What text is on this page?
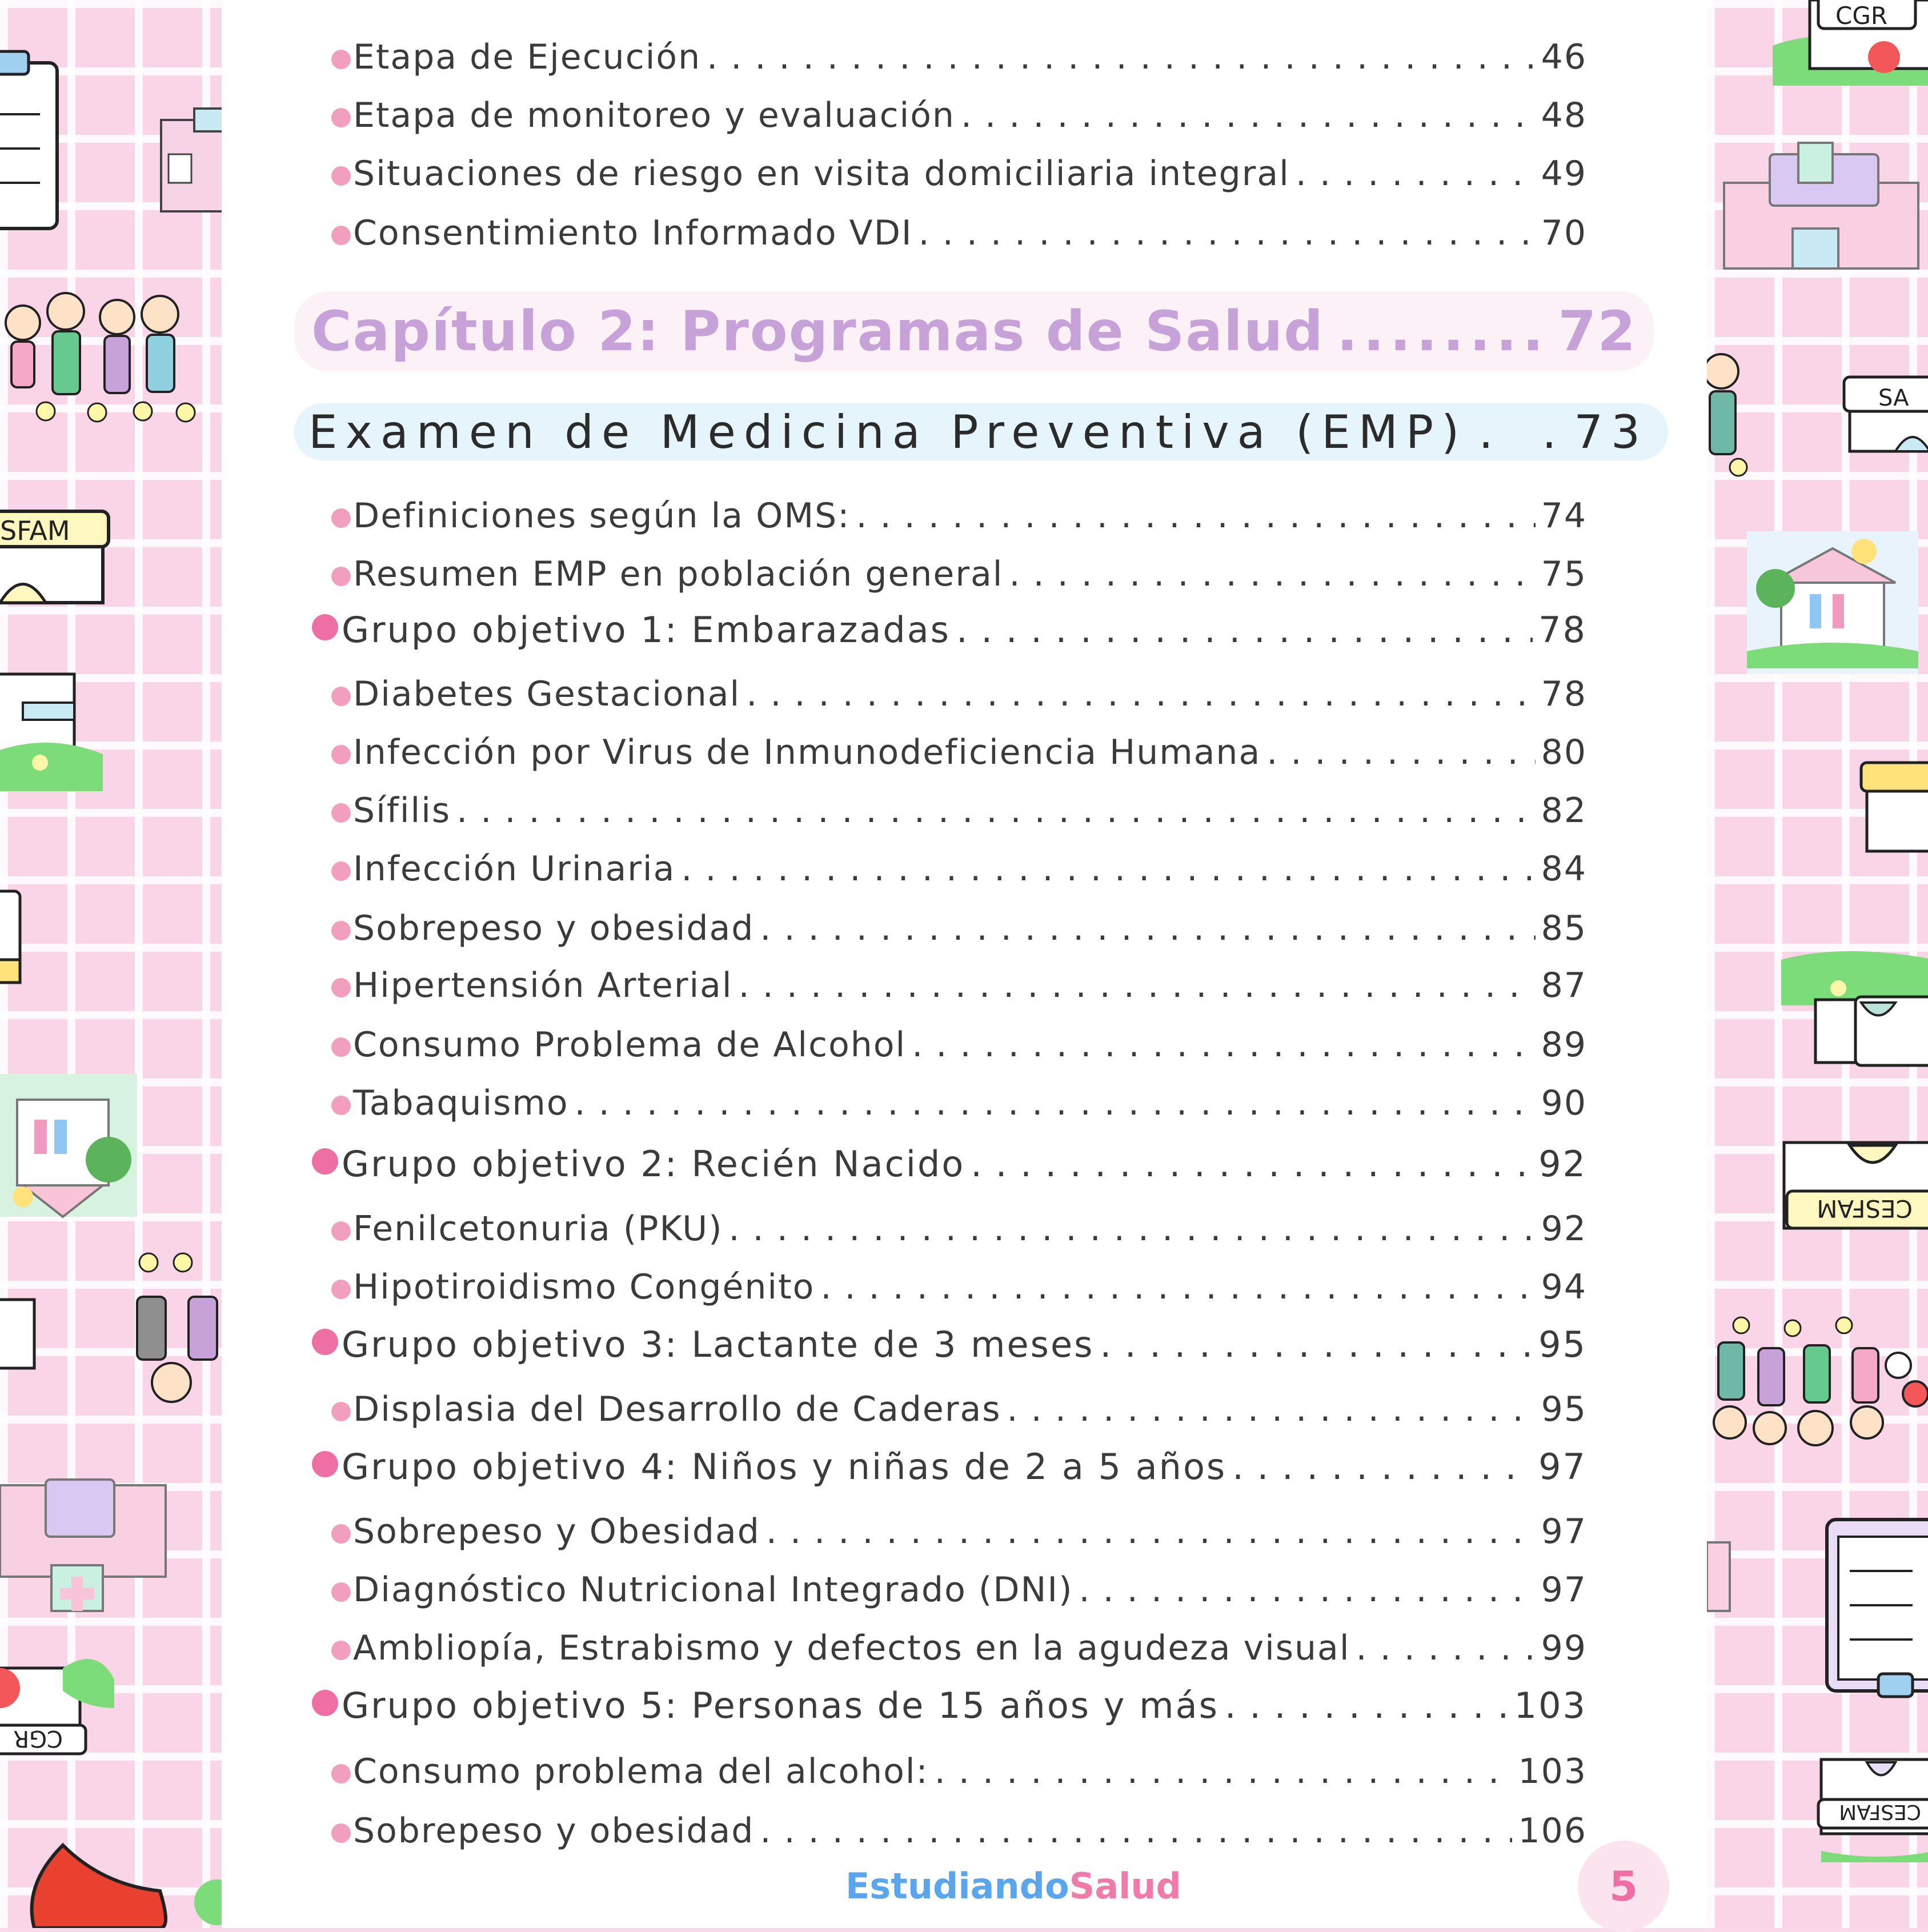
SFAM
CGR
CGR
SA
CESFAM
CESFAM
Etapa de Ejecución . . .	46
Etapa de monitoreo y evaluación . . .	48
Situaciones de riesgo en visita domiciliaria integral . . .	49
Consentimiento Informado VDI . . .	70
Definiciones según la OMS: . . .	74
Resumen EMP en población general . . .	75
Grupo objetivo 1: Embarazadas . . .	78
Diabetes Gestacional . . .	78
Infección por Virus de Inmunodeficiencia Humana . . .	80
Sífilis . . .	82
Infección Urinaria . . .	84
Sobrepeso y obesidad . . .	85
Hipertensión Arterial . . .	87
Consumo Problema de Alcohol . . .	89
Tabaquismo . . .	90
Grupo objetivo 2: Recién Nacido . . .	92
Fenilcetonuria (PKU) . . .	92
Hipotiroidismo Congénito . . .	94
Grupo objetivo 3: Lactante de 3 meses . . .	95
Displasia del Desarrollo de Caderas . . .	95
Grupo objetivo 4: Niños y niñas de 2 a 5 años . . .	97
Sobrepeso y Obesidad . . .	97
Diagnóstico Nutricional Integrado (DNI) . . .	97
Ambliopía, Estrabismo y defectos en la agudeza visual . . .	99
Grupo objetivo 5: Personas de 15 años y más . . .	103
Consumo problema del alcohol: . . .	103
Sobrepeso y obesidad . . .	106
Capítulo 2: Programas de Salud .....	72
Examen de Medicina Preventiva (EMP) . . . 73
EstudiandoSalud	5
